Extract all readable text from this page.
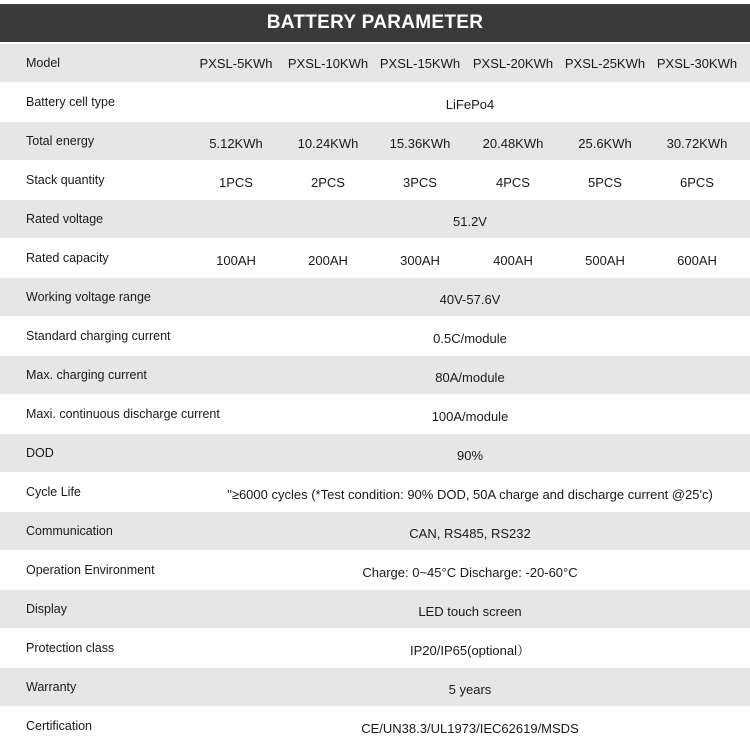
BATTERY PARAMETER
Model	PXSL-5KWh	PXSL-10KWh PXSL-15KWh PXSL-20KWh PXSL-25KWh PXSL-30KWh
Battery cell type	LiFePo4
Total energy	5.12KWh	10.24KWh	15.36KWh	20.48KWh	25.6KWh	30.72KWh
Stack quantity	1PCS	2PCS	3PCS	4PCS	5PCS	6PCS
Rated voltage	51.2V
Rated capacity	100AH	200AH	300AH	400AH	500AH	600AH
Working voltage range	40V-57.6V
Standard charging current	0.5C/module
Max. charging current	80A/module
Maxi. continuous discharge current	100A/module
DOD	90%
Cycle Life	"≥6000 cycles (*Test condition: 90% DOD, 50A charge and discharge current @25'c)
Communication	CAN, RS485, RS232
Operation Environment	Charge: 0~45°C Discharge: -20-60°C
Display	LED touch screen
Protection class	IP20/IP65(optional）
Warranty	5 years
Certification	CE/UN38.3/UL1973/IEC62619/MSDS
